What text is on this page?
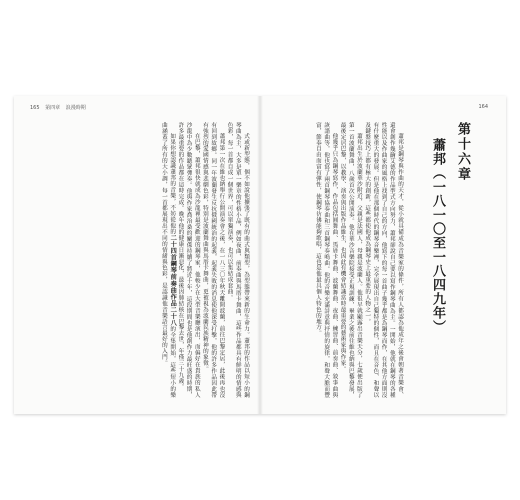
165 第四章 浪漫時期

式或新型態，個不如說他擴張了既有的曲式與類型，為型態帶來新的生命力。蕭邦的作品以短小的鋼琴曲為主，大多是單一樂章的性格小品，例如夜曲、前奏曲與馬厝卡舞曲，這些作品都具有鮮明的情感與色彩，每一首都自成一個世界，可以單獨演奏，也可以集結成套曲。

蕭邦第一次在維也納舉行公開演奏會之後，在一八三〇年秋天離開波蘭，前往巴黎定居，此後再也沒有回到故鄉。同一年波蘭發生反抗俄國統治的起義，起義失敗的消息使他深受打擊，他的許多作品因此帶有強烈的愛國情感與悲劇色彩，特別是波蘭舞曲與馬厝卡舞曲，更被視為波蘭民族精神的象徵。

在巴黎，蕭邦很快就成為沙龍裡最受歡迎的鋼琴家，他較少在大型音樂廳演出，而偏好在貴族的私人沙龍中為少數聽眾彈奏。他與作家喬治桑的關係持續了將近十年，這段期間也是他創作力最旺盛的時期，許多最重要的作品都在這時完成。晚年他的健康日漸惡化，最後因肺結核在巴黎去世，年僅三十九歲。

如果你想認識蕭邦的音樂，不妨從他的二十四首鋼琴前奏曲作品二十八的全集開始，這些短小的樂曲涵蓋了所有的大小調，每一首都展現出不同的情緒與色彩，是認識他音樂語言最好的入門。

164
第十六章
蕭邦（一八一〇至一八四九年）

蕭邦是鋼琴與作曲的天才，從小就具備成為音樂家的條件，所有人都認為他成年之後會朝著音樂會、還會創作幾齣艾德的作品型式方向努力，蕭邦卻說自己要以寫作鋼琴曲為主。一開始，他就在鋼琴的各種性能以及作曲家的風格上找到了自己的方向，他寫下的每一首曲子幾乎都是為鋼琴而作，在其他方面則沒有什麼重大的發展。但是他在那個時代的鋼琴音樂裡，完全展現出自己獨特的個性，而且在音色、和聲以及鍵盤技巧上都有極大的創新，這些都使他成為鋼琴史上最重要的人物之一。

蕭邦出生於波蘭華沙附近，父親是法國人，母親是波蘭人。他很早就顯露出音樂天分，七歲便出版了第一首波蘭舞曲，八歲首次公開演奏。他在華沙音樂院接受正規訓練，畢業之後前往維也納與巴黎發展，最後定居巴黎，以教學、演奏與出版作品維生，也因此有機會結識當時最重要的藝術家與作家。

他幾乎只為鋼琴寫作，作品包括圓舞曲、馬厝卡舞曲、波蘭舞曲、夜曲、練習曲、前奏曲、敘事曲與詼諧曲等，他也寫了兩首鋼琴協奏曲和三首鋼琴奏鳴曲。他的音樂充滿詩意與抒情的旋律，和聲大膽而豐富，節奏自由而富有彈性，使鋼琴彷彿能夠歌唱，這也是他最具個人特色的地方。
